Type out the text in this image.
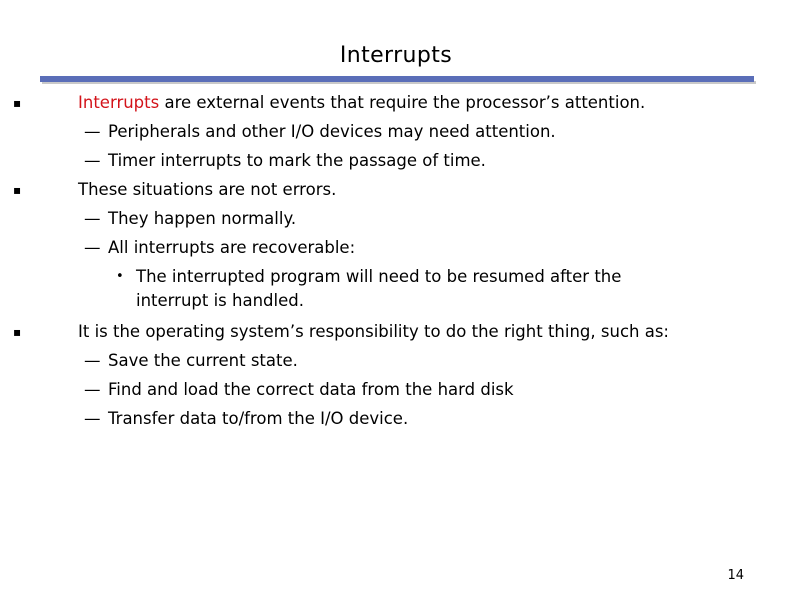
Interrupts
▪	Interrupts are external events that require the processor’s attention.
— Peripherals and other I/O devices may need attention.
— Timer interrupts to mark the passage of time.
▪	These situations are not errors.
— They happen normally.
— All interrupts are recoverable:
• The interrupted program will need to be resumed after the
interrupt is handled.
▪	It is the operating system’s responsibility to do the right thing, such as:
— Save the current state.
— Find and load the correct data from the hard disk
— Transfer data to/from the I/O device.
14
